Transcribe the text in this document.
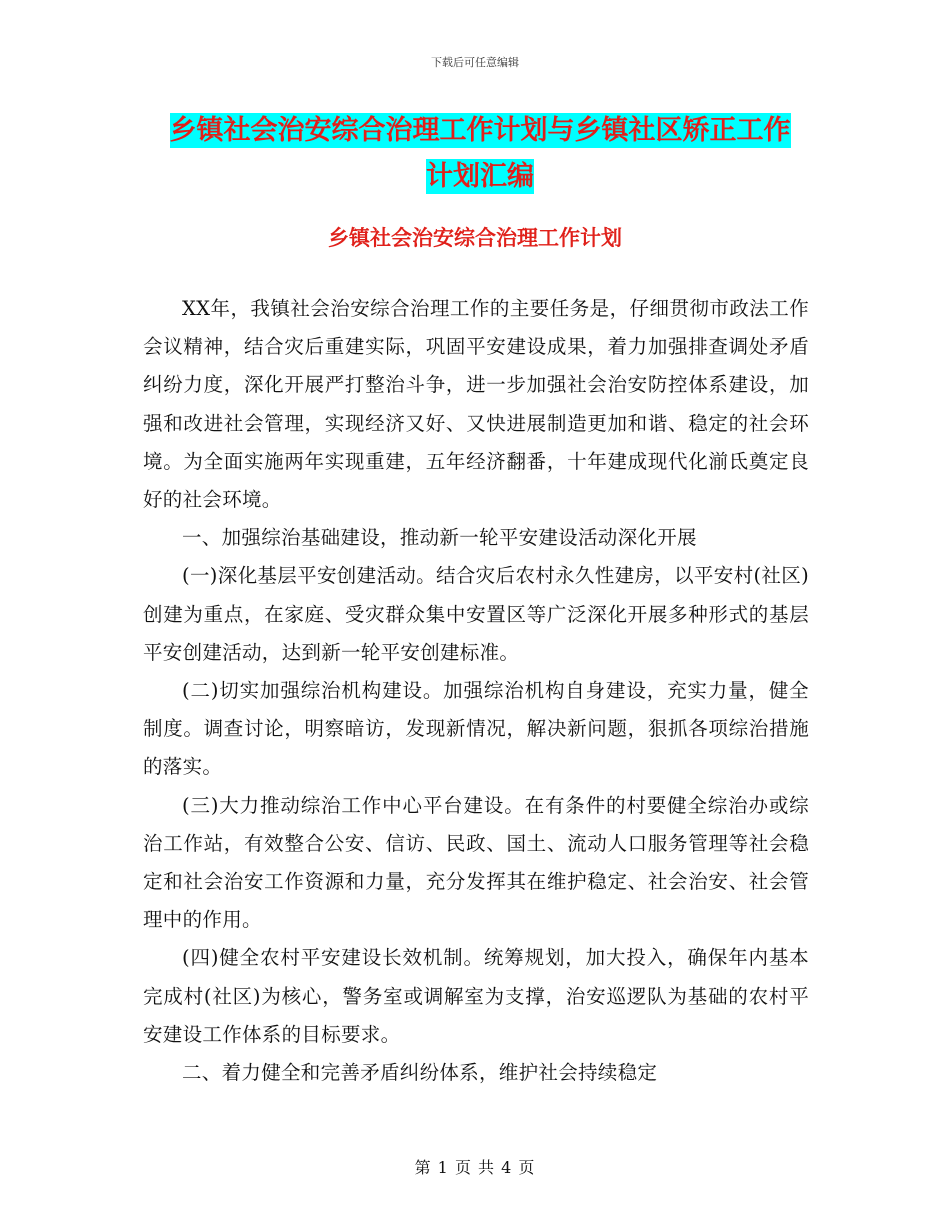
下载后可任意编辑
乡镇社会治安综合治理工作计划与乡镇社区矫正工作
计划汇编
乡镇社会治安综合治理工作计划

XX年，我镇社会治安综合治理工作的主要任务是，仔细贯彻市政法工作会议精神，结合灾后重建实际，巩固平安建设成果，着力加强排查调处矛盾纠纷力度，深化开展严打整治斗争，进一步加强社会治安防控体系建设，加强和改进社会管理，实现经济又好、又快进展制造更加和谐、稳定的社会环境。为全面实施两年实现重建，五年经济翻番，十年建成现代化湔氐奠定良好的社会环境。

一、加强综治基础建设，推动新一轮平安建设活动深化开展

(一)深化基层平安创建活动。结合灾后农村永久性建房，以平安村(社区)创建为重点，在家庭、受灾群众集中安置区等广泛深化开展多种形式的基层平安创建活动，达到新一轮平安创建标准。

(二)切实加强综治机构建设。加强综治机构自身建设，充实力量，健全制度。调查讨论，明察暗访，发现新情况，解决新问题，狠抓各项综治措施的落实。

(三)大力推动综治工作中心平台建设。在有条件的村要健全综治办或综治工作站，有效整合公安、信访、民政、国土、流动人口服务管理等社会稳定和社会治安工作资源和力量，充分发挥其在维护稳定、社会治安、社会管理中的作用。

(四)健全农村平安建设长效机制。统筹规划，加大投入，确保年内基本完成村(社区)为核心，警务室或调解室为支撑，治安巡逻队为基础的农村平安建设工作体系的目标要求。

二、着力健全和完善矛盾纠纷体系，维护社会持续稳定

第 1 页 共 4 页
